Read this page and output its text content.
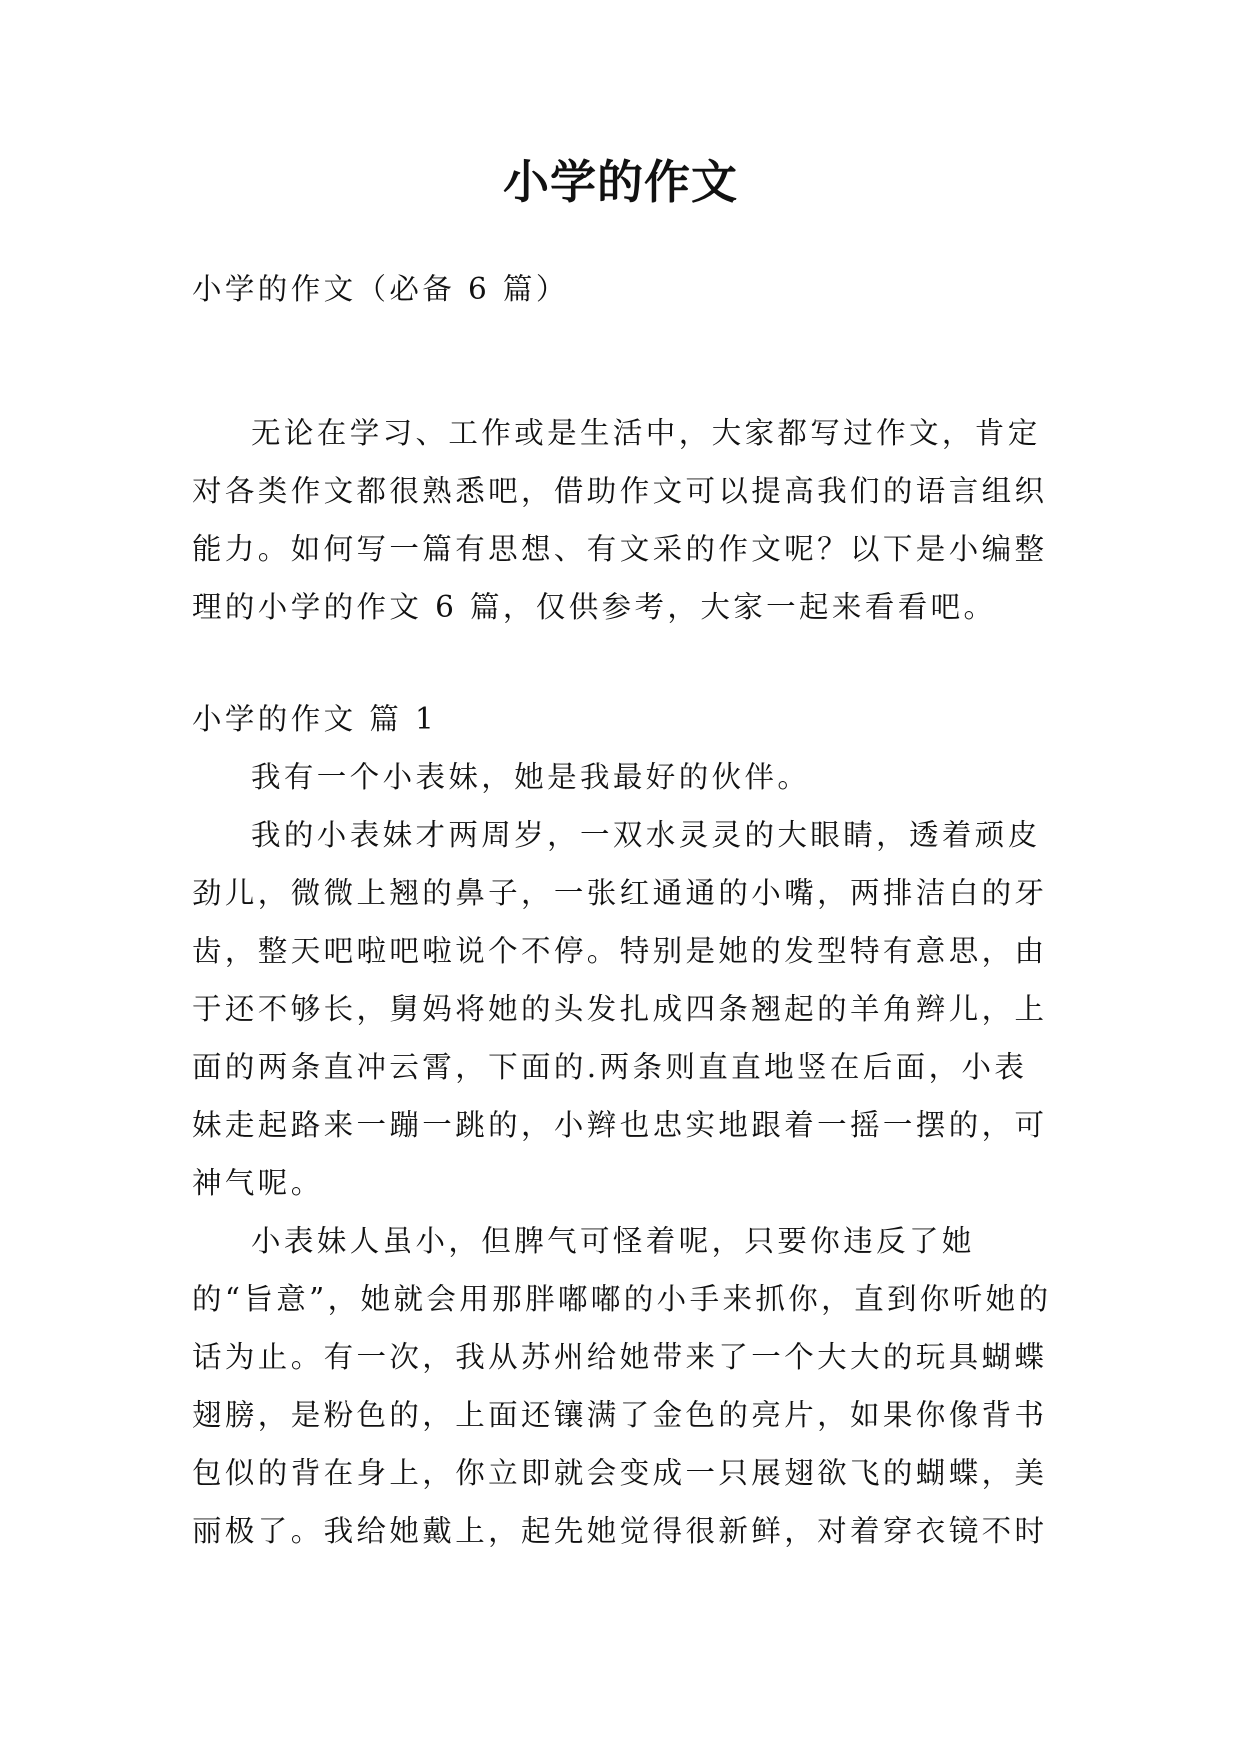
小学的作文

小学的作文（必备 6 篇）

无论在学习、工作或是生活中，大家都写过作文，肯定对各类作文都很熟悉吧，借助作文可以提高我们的语言组织能力。如何写一篇有思想、有文采的作文呢？以下是小编整理的小学的作文 6 篇，仅供参考，大家一起来看看吧。

小学的作文 篇 1

我有一个小表妹，她是我最好的伙伴。

我的小表妹才两周岁，一双水灵灵的大眼睛，透着顽皮劲儿，微微上翘的鼻子，一张红通通的小嘴，两排洁白的牙齿，整天吧啦吧啦说个不停。特别是她的发型特有意思，由于还不够长，舅妈将她的头发扎成四条翘起的羊角辫儿，上面的两条直冲云霄，下面的.两条则直直地竖在后面，小表妹走起路来一蹦一跳的，小辫也忠实地跟着一摇一摆的，可神气呢。

小表妹人虽小，但脾气可怪着呢，只要你违反了她的“旨意”，她就会用那胖嘟嘟的小手来抓你，直到你听她的话为止。有一次，我从苏州给她带来了一个大大的玩具蝴蝶翅膀，是粉色的，上面还镶满了金色的亮片，如果你像背书包似的背在身上，你立即就会变成一只展翅欲飞的蝴蝶，美丽极了。我给她戴上，起先她觉得很新鲜，对着穿衣镜不时
